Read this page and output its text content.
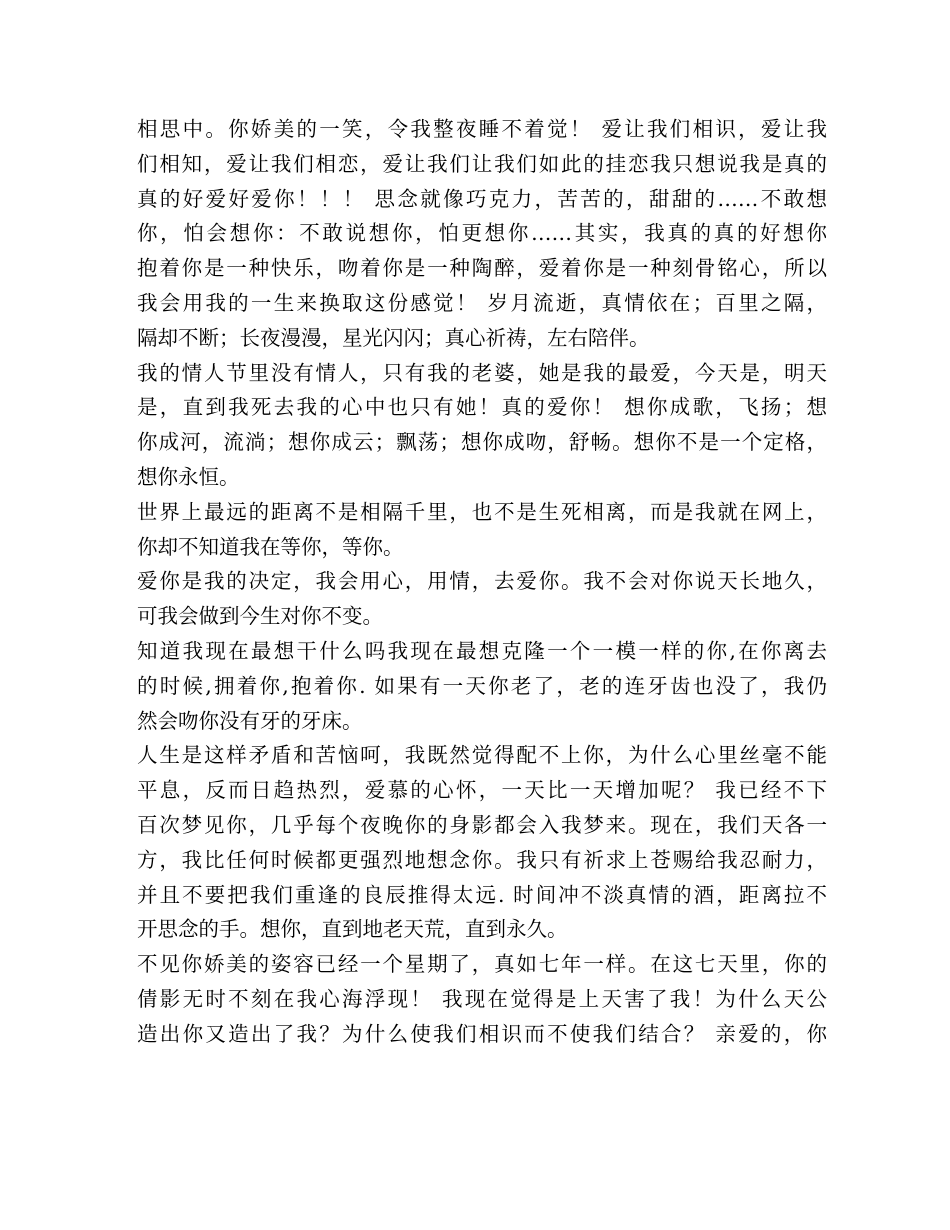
相思中。你娇美的一笑，令我整夜睡不着觉！ 爱让我们相识，爱让我
们相知，爱让我们相恋，爱让我们让我们如此的挂恋我只想说我是真的
真的好爱好爱你！！！ 思念就像巧克力，苦苦的，甜甜的……不敢想
你，怕会想你：不敢说想你，怕更想你……其实，我真的真的好想你
抱着你是一种快乐，吻着你是一种陶醉，爱着你是一种刻骨铭心，所以
我会用我的一生来换取这份感觉！ 岁月流逝，真情依在；百里之隔，
隔却不断；长夜漫漫，星光闪闪；真心祈祷，左右陪伴。
我的情人节里没有情人，只有我的老婆，她是我的最爱，今天是，明天
是，直到我死去我的心中也只有她！真的爱你！ 想你成歌，飞扬；想
你成河，流淌；想你成云；飘荡；想你成吻，舒畅。想你不是一个定格，
想你永恒。
世界上最远的距离不是相隔千里，也不是生死相离，而是我就在网上，
你却不知道我在等你，等你。
爱你是我的决定，我会用心，用情，去爱你。我不会对你说天长地久，
可我会做到今生对你不变。
知道我现在最想干什么吗我现在最想克隆一个一模一样的你,在你离去
的时候,拥着你,抱着你. 如果有一天你老了，老的连牙齿也没了，我仍
然会吻你没有牙的牙床。
人生是这样矛盾和苦恼呵，我既然觉得配不上你，为什么心里丝毫不能
平息，反而日趋热烈，爱慕的心怀，一天比一天增加呢？ 我已经不下
百次梦见你，几乎每个夜晚你的身影都会入我梦来。现在，我们天各一
方，我比任何时候都更强烈地想念你。我只有祈求上苍赐给我忍耐力，
并且不要把我们重逢的良辰推得太远. 时间冲不淡真情的酒，距离拉不
开思念的手。想你，直到地老天荒，直到永久。
不见你娇美的姿容已经一个星期了，真如七年一样。在这七天里，你的
倩影无时不刻在我心海浮现！ 我现在觉得是上天害了我！为什么天公
造出你又造出了我？为什么使我们相识而不使我们结合？ 亲爱的，你
